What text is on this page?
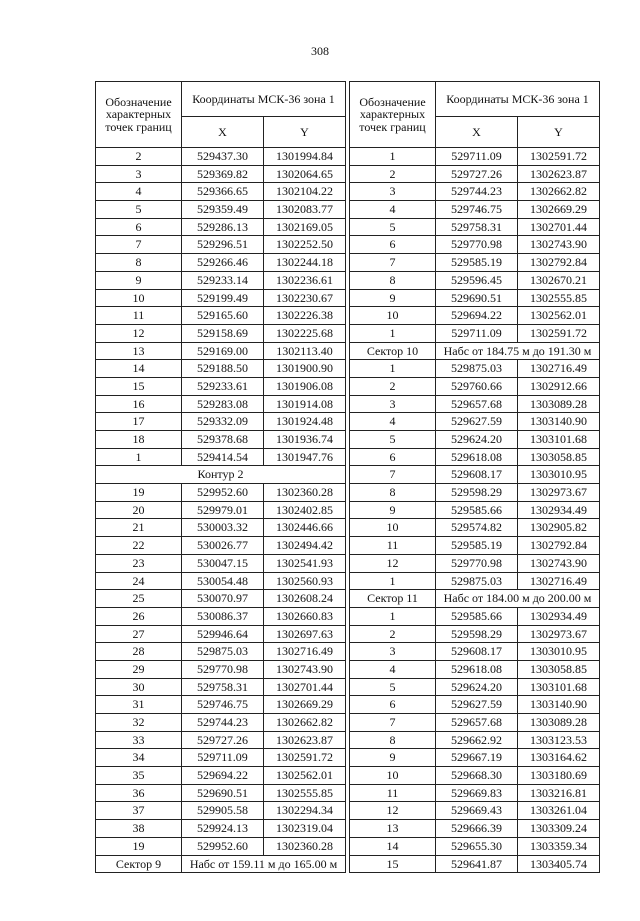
308
Обозначение характерных точек границ	Координаты МСК-36 зона 1	
	X	Y
2	529437.30	1301994.84
3	529369.82	1302064.65
4	529366.65	1302104.22
5	529359.49	1302083.77
6	529286.13	1302169.05
7	529296.51	1302252.50
8	529266.46	1302244.18
9	529233.14	1302236.61
10	529199.49	1302230.67
11	529165.60	1302226.38
12	529158.69	1302225.68
13	529169.00	1302113.40
14	529188.50	1301900.90
15	529233.61	1301906.08
16	529283.08	1301914.08
17	529332.09	1301924.48
18	529378.68	1301936.74
1	529414.54	1301947.76
Контур 2		
19	529952.60	1302360.28
20	529979.01	1302402.85
21	530003.32	1302446.66
22	530026.77	1302494.42
23	530047.15	1302541.93
24	530054.48	1302560.93
25	530070.97	1302608.24
26	530086.37	1302660.83
27	529946.64	1302697.63
28	529875.03	1302716.49
29	529770.98	1302743.90
30	529758.31	1302701.44
31	529746.75	1302669.29
32	529744.23	1302662.82
33	529727.26	1302623.87
34	529711.09	1302591.72
35	529694.22	1302562.01
36	529690.51	1302555.85
37	529905.58	1302294.34
38	529924.13	1302319.04
19	529952.60	1302360.28
Сектор 9	Набс от 159.11 м до 165.00 м	

Обозначение характерных точек границ	Координаты МСК-36 зона 1	
	X	Y
1	529711.09	1302591.72
2	529727.26	1302623.87
3	529744.23	1302662.82
4	529746.75	1302669.29
5	529758.31	1302701.44
6	529770.98	1302743.90
7	529585.19	1302792.84
8	529596.45	1302670.21
9	529690.51	1302555.85
10	529694.22	1302562.01
1	529711.09	1302591.72
Сектор 10	Набс от 184.75 м до 191.30 м	

1	529875.03	1302716.49
2	529760.66	1302912.66
3	529657.68	1303089.28
4	529627.59	1303140.90
5	529624.20	1303101.68
6	529618.08	1303058.85
7	529608.17	1303010.95
8	529598.29	1302973.67
9	529585.66	1302934.49
10	529574.82	1302905.82
11	529585.19	1302792.84
12	529770.98	1302743.90
1	529875.03	1302716.49
Сектор 11	Набс от 184.00 м до 200.00 м	

1	529585.66	1302934.49
2	529598.29	1302973.67
3	529608.17	1303010.95
4	529618.08	1303058.85
5	529624.20	1303101.68
6	529627.59	1303140.90
7	529657.68	1303089.28
8	529662.92	1303123.53
9	529667.19	1303164.62
10	529668.30	1303180.69
11	529669.83	1303216.81
12	529669.43	1303261.04
13	529666.39	1303309.24
14	529655.30	1303359.34
15	529641.87	1303405.74
